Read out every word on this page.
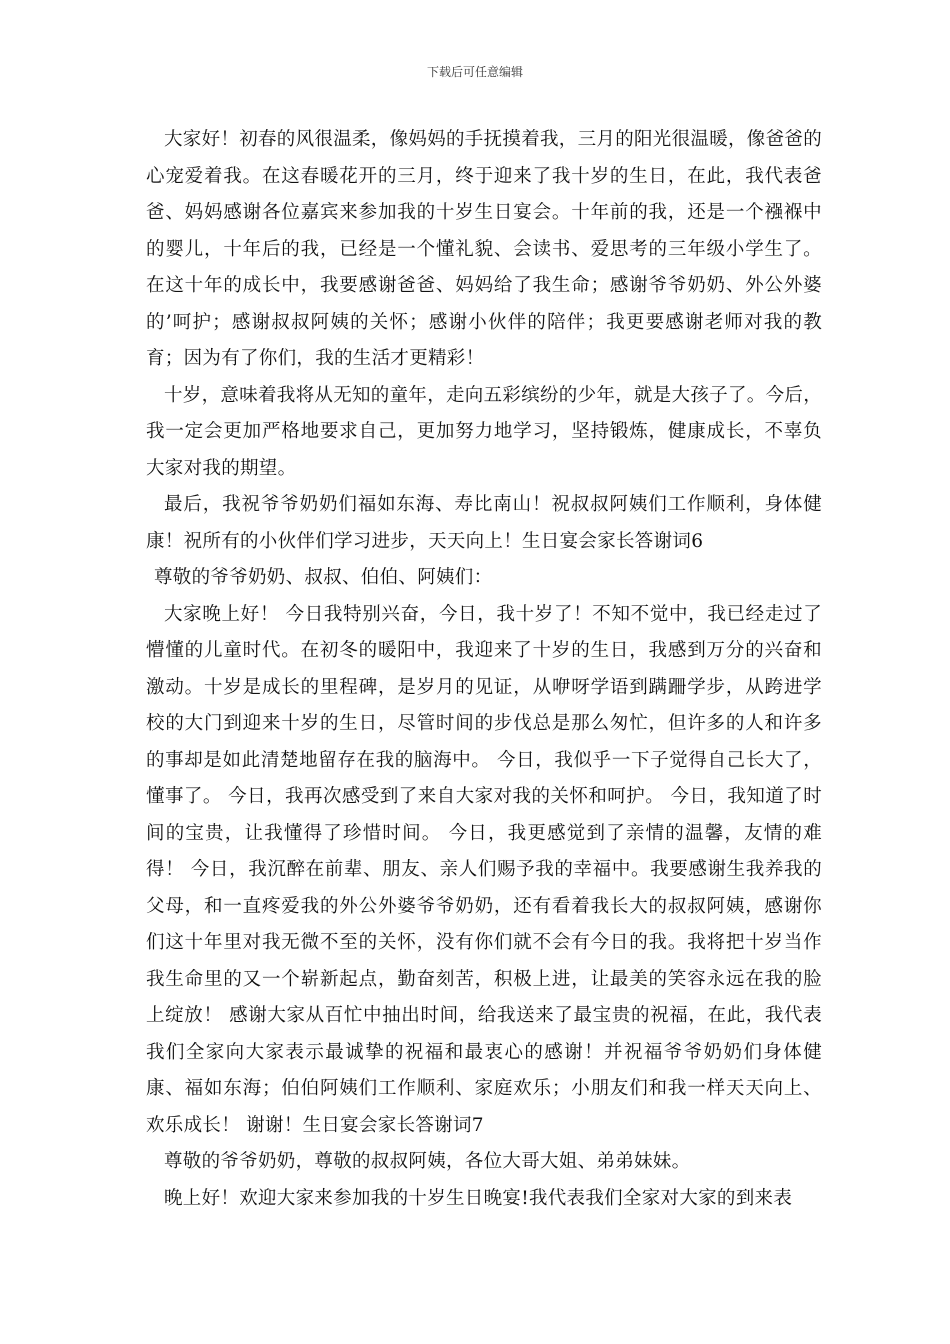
下载后可任意编辑

大家好！初春的风很温柔，像妈妈的手抚摸着我，三月的阳光很温暖，像爸爸的心宠爱着我。在这春暖花开的三月，终于迎来了我十岁的生日，在此，我代表爸爸、妈妈感谢各位嘉宾来参加我的十岁生日宴会。十年前的我，还是一个襁褓中的婴儿，十年后的我，已经是一个懂礼貌、会读书、爱思考的三年级小学生了。在这十年的成长中，我要感谢爸爸、妈妈给了我生命；感谢爷爷奶奶、外公外婆的’呵护；感谢叔叔阿姨的关怀；感谢小伙伴的陪伴；我更要感谢老师对我的教育；因为有了你们，我的生活才更精彩！

十岁，意味着我将从无知的童年，走向五彩缤纷的少年，就是大孩子了。今后，我一定会更加严格地要求自己，更加努力地学习，坚持锻炼，健康成长，不辜负大家对我的期望。

最后，我祝爷爷奶奶们福如东海、寿比南山！祝叔叔阿姨们工作顺利，身体健康！祝所有的小伙伴们学习进步，天天向上！生日宴会家长答谢词6

尊敬的爷爷奶奶、叔叔、伯伯、阿姨们：

大家晚上好！ 今日我特别兴奋，今日，我十岁了！不知不觉中，我已经走过了懵懂的儿童时代。在初冬的暖阳中，我迎来了十岁的生日，我感到万分的兴奋和激动。十岁是成长的里程碑，是岁月的见证，从咿呀学语到蹒跚学步，从跨进学校的大门到迎来十岁的生日，尽管时间的步伐总是那么匆忙，但许多的人和许多的事却是如此清楚地留存在我的脑海中。 今日，我似乎一下子觉得自己长大了，懂事了。 今日，我再次感受到了来自大家对我的关怀和呵护。 今日，我知道了时间的宝贵，让我懂得了珍惜时间。 今日，我更感觉到了亲情的温馨，友情的难得！ 今日，我沉醉在前辈、朋友、亲人们赐予我的幸福中。我要感谢生我养我的父母，和一直疼爱我的外公外婆爷爷奶奶，还有看着我长大的叔叔阿姨，感谢你们这十年里对我无微不至的关怀，没有你们就不会有今日的我。我将把十岁当作我生命里的又一个崭新起点，勤奋刻苦，积极上进，让最美的笑容永远在我的脸上绽放！ 感谢大家从百忙中抽出时间，给我送来了最宝贵的祝福，在此，我代表我们全家向大家表示最诚挚的祝福和最衷心的感谢！并祝福爷爷奶奶们身体健康、福如东海；伯伯阿姨们工作顺利、家庭欢乐；小朋友们和我一样天天向上、欢乐成长！ 谢谢！生日宴会家长答谢词7

尊敬的爷爷奶奶，尊敬的叔叔阿姨，各位大哥大姐、弟弟妹妹。

晚上好！欢迎大家来参加我的十岁生日晚宴!我代表我们全家对大家的到来表
